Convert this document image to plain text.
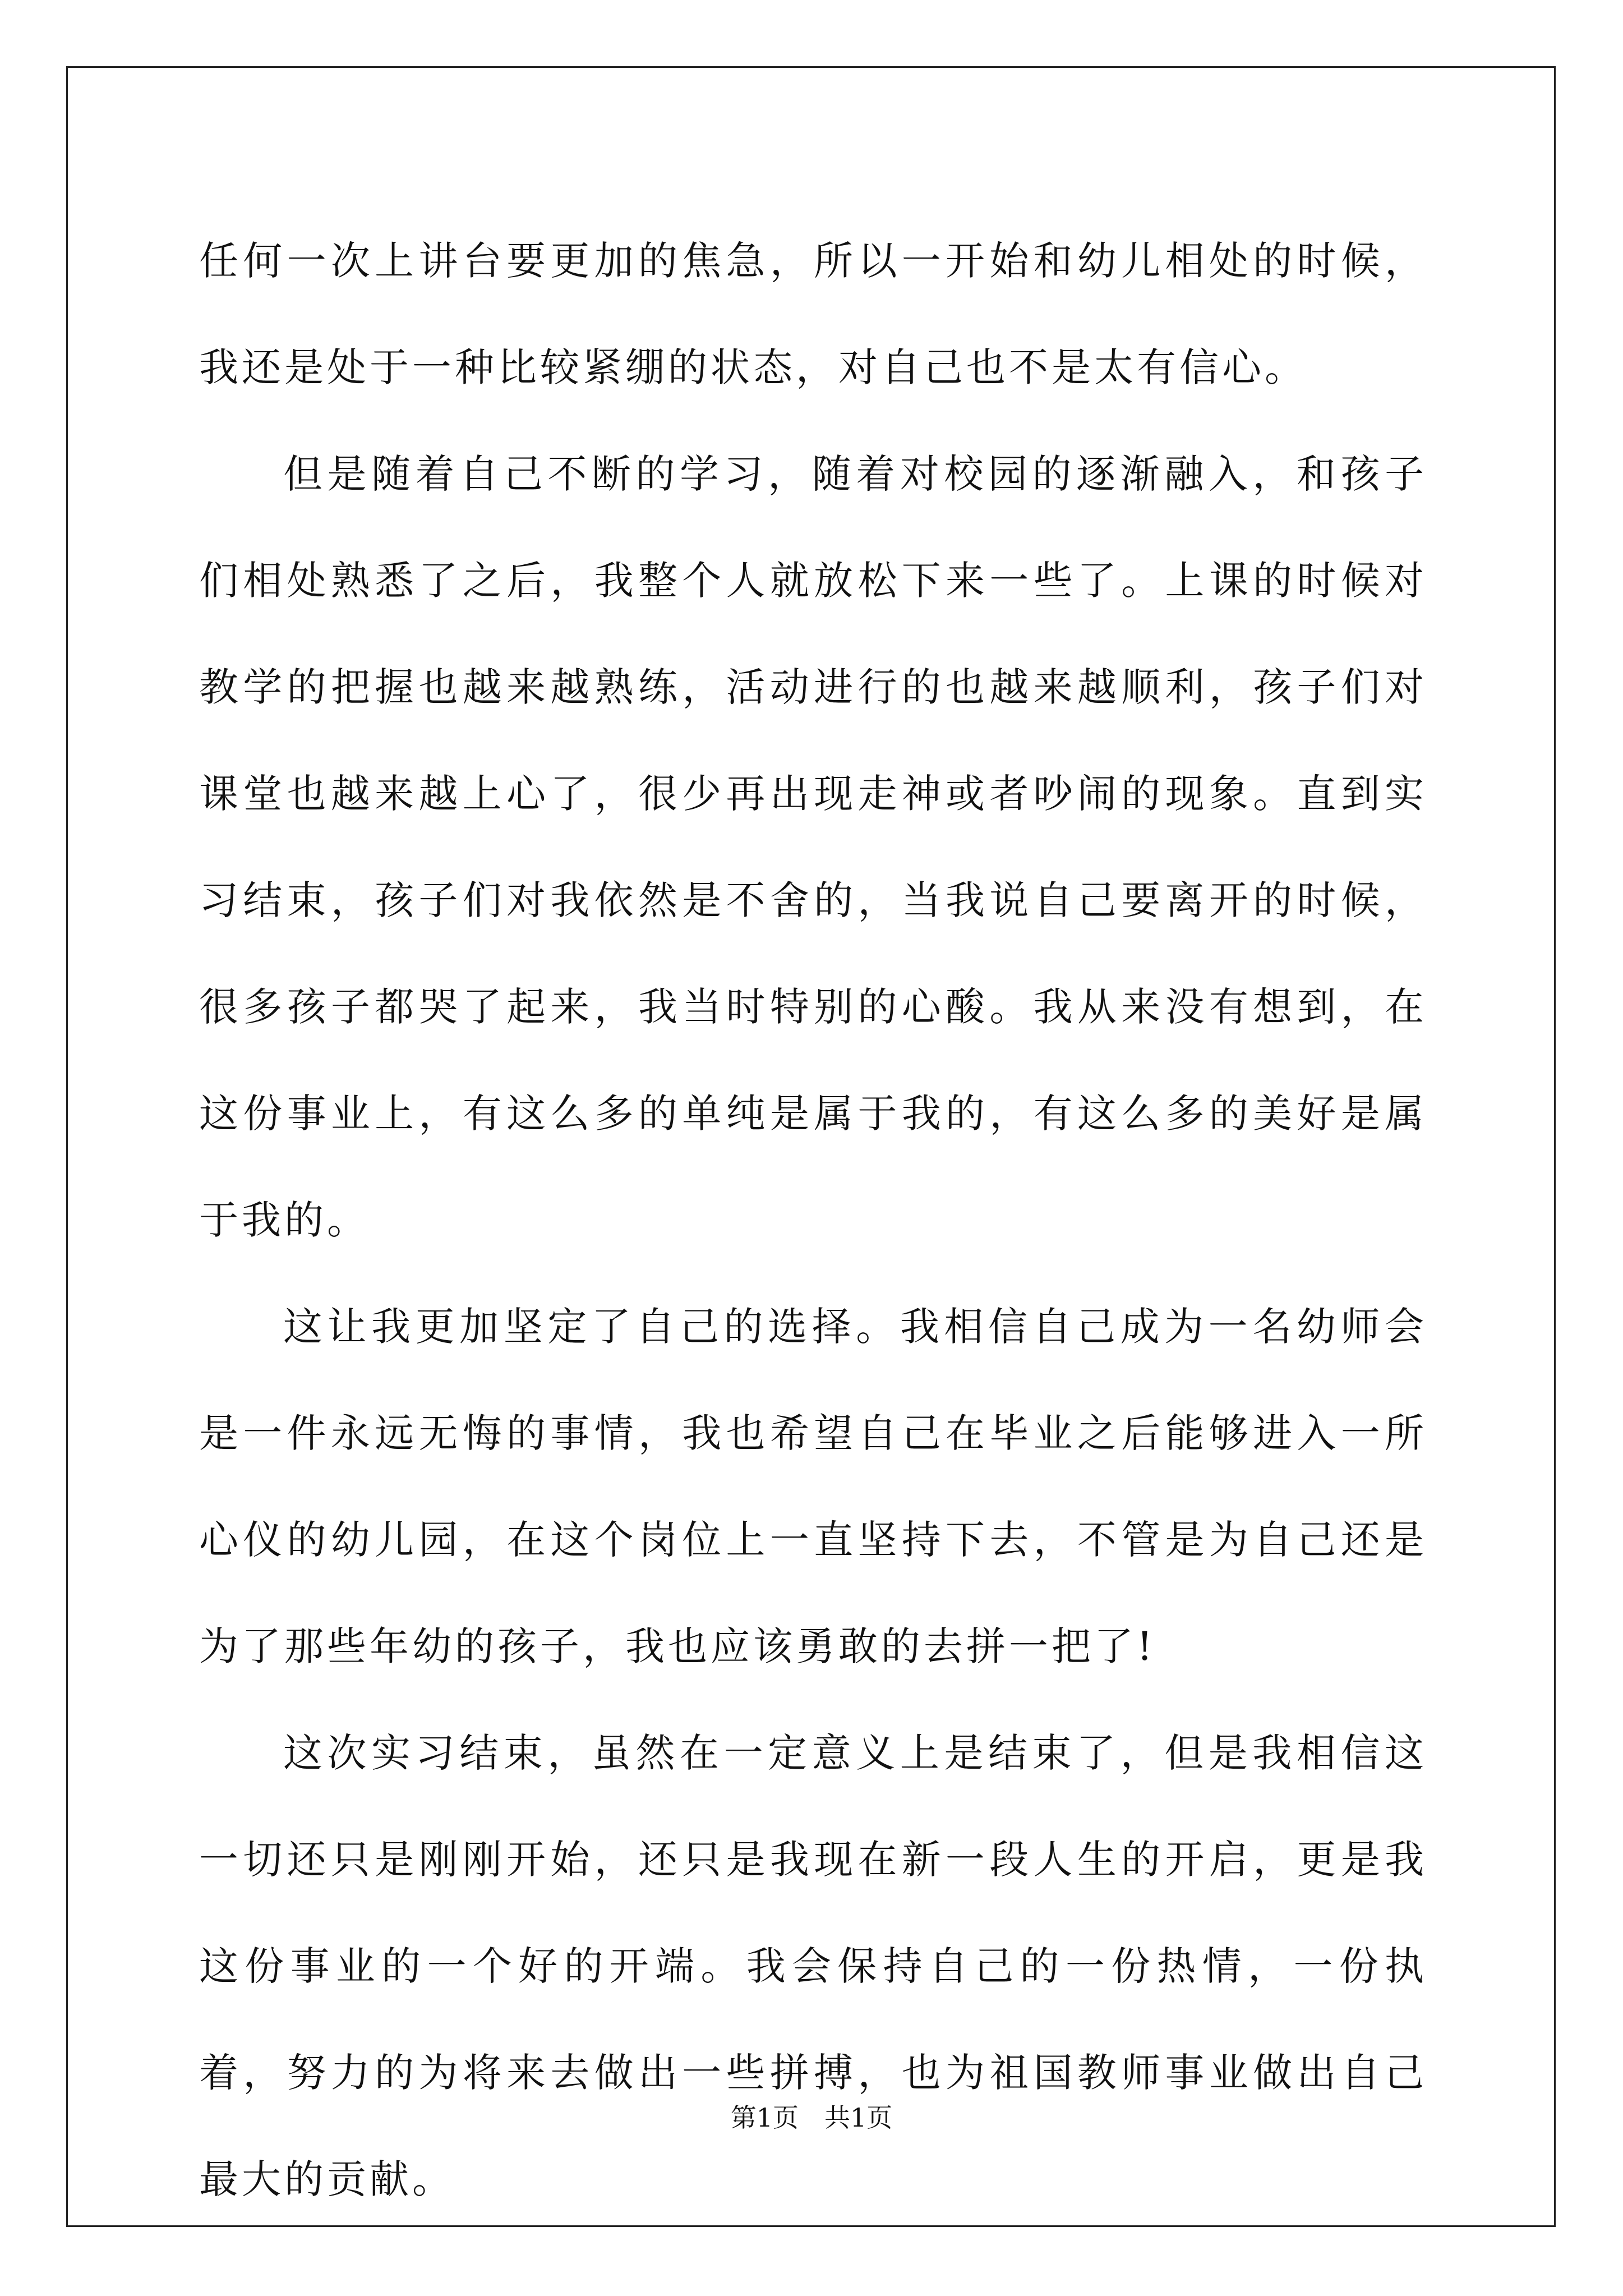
任何一次上讲台要更加的焦急，所以一开始和幼儿相处的时候，我还是处于一种比较紧绷的状态，对自己也不是太有信心。

但是随着自己不断的学习，随着对校园的逐渐融入，和孩子们相处熟悉了之后，我整个人就放松下来一些了。上课的时候对教学的把握也越来越熟练，活动进行的也越来越顺利，孩子们对课堂也越来越上心了，很少再出现走神或者吵闹的现象。直到实习结束，孩子们对我依然是不舍的，当我说自己要离开的时候，很多孩子都哭了起来，我当时特别的心酸。我从来没有想到，在这份事业上，有这么多的单纯是属于我的，有这么多的美好是属于我的。

这让我更加坚定了自己的选择。我相信自己成为一名幼师会是一件永远无悔的事情，我也希望自己在毕业之后能够进入一所心仪的幼儿园，在这个岗位上一直坚持下去，不管是为自己还是为了那些年幼的孩子，我也应该勇敢的去拼一把了!

这次实习结束，虽然在一定意义上是结束了，但是我相信这一切还只是刚刚开始，还只是我现在新一段人生的开启，更是我这份事业的一个好的开端。我会保持自己的一份热情，一份执着，努力的为将来去做出一些拼搏，也为祖国教师事业做出自己最大的贡献。

第1页　共1页
